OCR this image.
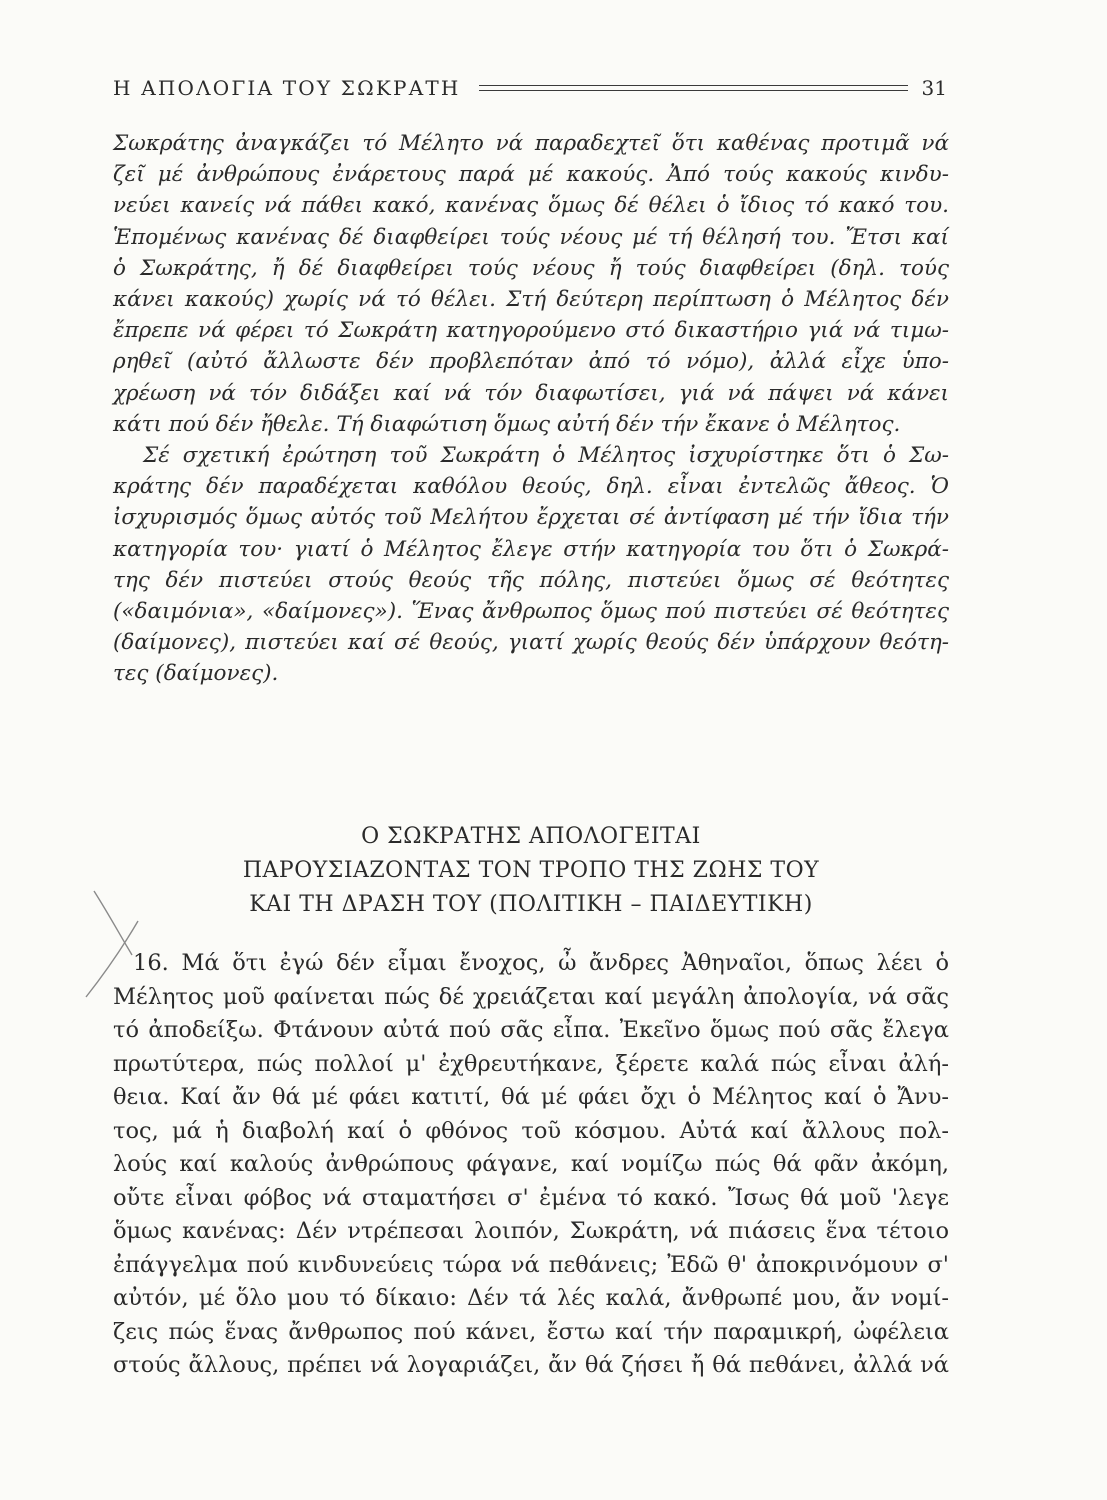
Η ΑΠΟΛΟΓΙΑ ΤΟΥ ΣΩΚΡΑΤΗ	31
Σωκράτης ἀναγκάζει τό Μέλητο νά παραδεχτεῖ ὅτι καθένας προτιμᾶ νά
ζεῖ μέ ἀνθρώπους ἐνάρετους παρά μέ κακούς. Ἀπό τούς κακούς κινδυ-
νεύει κανείς νά πάθει κακό, κανένας ὅμως δέ θέλει ὁ ἴδιος τό κακό του.
Ἑπομένως κανένας δέ διαφθείρει τούς νέους μέ τή θέλησή του. Ἔτσι καί
ὁ Σωκράτης, ἤ δέ διαφθείρει τούς νέους ἤ τούς διαφθείρει (δηλ. τούς
κάνει κακούς) χωρίς νά τό θέλει. Στή δεύτερη περίπτωση ὁ Μέλητος δέν
ἔπρεπε νά φέρει τό Σωκράτη κατηγορούμενο στό δικαστήριο γιά νά τιμω-
ρηθεῖ (αὐτό ἄλλωστε δέν προβλεπόταν ἀπό τό νόμο), ἀλλά εἶχε ὑπο-
χρέωση νά τόν διδάξει καί νά τόν διαφωτίσει, γιά νά πάψει νά κάνει
κάτι πού δέν ἤθελε. Τή διαφώτιση ὅμως αὐτή δέν τήν ἔκανε ὁ Μέλητος.
Σέ σχετική ἐρώτηση τοῦ Σωκράτη ὁ Μέλητος ἰσχυρίστηκε ὅτι ὁ Σω-
κράτης δέν παραδέχεται καθόλου θεούς, δηλ. εἶναι ἐντελῶς ἄθεος. Ὁ
ἰσχυρισμός ὅμως αὐτός τοῦ Μελήτου ἔρχεται σέ ἀντίφαση μέ τήν ἴδια τήν
κατηγορία του· γιατί ὁ Μέλητος ἔλεγε στήν κατηγορία του ὅτι ὁ Σωκρά-
της δέν πιστεύει στούς θεούς τῆς πόλης, πιστεύει ὅμως σέ θεότητες
(«δαιμόνια», «δαίμονες»). Ἕνας ἄνθρωπος ὅμως πού πιστεύει σέ θεότητες
(δαίμονες), πιστεύει καί σέ θεούς, γιατί χωρίς θεούς δέν ὑπάρχουν θεότη-
τες (δαίμονες).
Ο ΣΩΚΡΑΤΗΣ ΑΠΟΛΟΓΕΙΤΑΙ
ΠΑΡΟΥΣΙΑΖΟΝΤΑΣ ΤΟΝ ΤΡΟΠΟ ΤΗΣ ΖΩΗΣ ΤΟΥ
ΚΑΙ ΤΗ ΔΡΑΣΗ ΤΟΥ (ΠΟΛΙΤΙΚΗ – ΠΑΙΔΕΥΤΙΚΗ)
16. Μά ὅτι ἐγώ δέν εἶμαι ἔνοχος, ὦ ἄνδρες Ἀθηναῖοι, ὅπως λέει ὁ
Μέλητος μοῦ φαίνεται πώς δέ χρειάζεται καί μεγάλη ἀπολογία, νά σᾶς
τό ἀποδείξω. Φτάνουν αὐτά πού σᾶς εἶπα. Ἐκεῖνο ὅμως πού σᾶς ἔλεγα
πρωτύτερα, πώς πολλοί μ' ἐχθρευτήκανε, ξέρετε καλά πώς εἶναι ἀλή-
θεια. Καί ἄν θά μέ φάει κατιτί, θά μέ φάει ὄχι ὁ Μέλητος καί ὁ Ἄνυ-
τος, μά ἡ διαβολή καί ὁ φθόνος τοῦ κόσμου. Αὐτά καί ἄλλους πολ-
λούς καί καλούς ἀνθρώπους φάγανε, καί νομίζω πώς θά φᾶν ἀκόμη,
οὔτε εἶναι φόβος νά σταματήσει σ' ἐμένα τό κακό. Ἴσως θά μοῦ 'λεγε
ὅμως κανένας: Δέν ντρέπεσαι λοιπόν, Σωκράτη, νά πιάσεις ἕνα τέτοιο
ἐπάγγελμα πού κινδυνεύεις τώρα νά πεθάνεις; Ἐδῶ θ' ἀποκρινόμουν σ'
αὐτόν, μέ ὅλο μου τό δίκαιο: Δέν τά λές καλά, ἄνθρωπέ μου, ἄν νομί-
ζεις πώς ἕνας ἄνθρωπος πού κάνει, ἔστω καί τήν παραμικρή, ὠφέλεια
στούς ἄλλους, πρέπει νά λογαριάζει, ἄν θά ζήσει ἤ θά πεθάνει, ἀλλά νά
